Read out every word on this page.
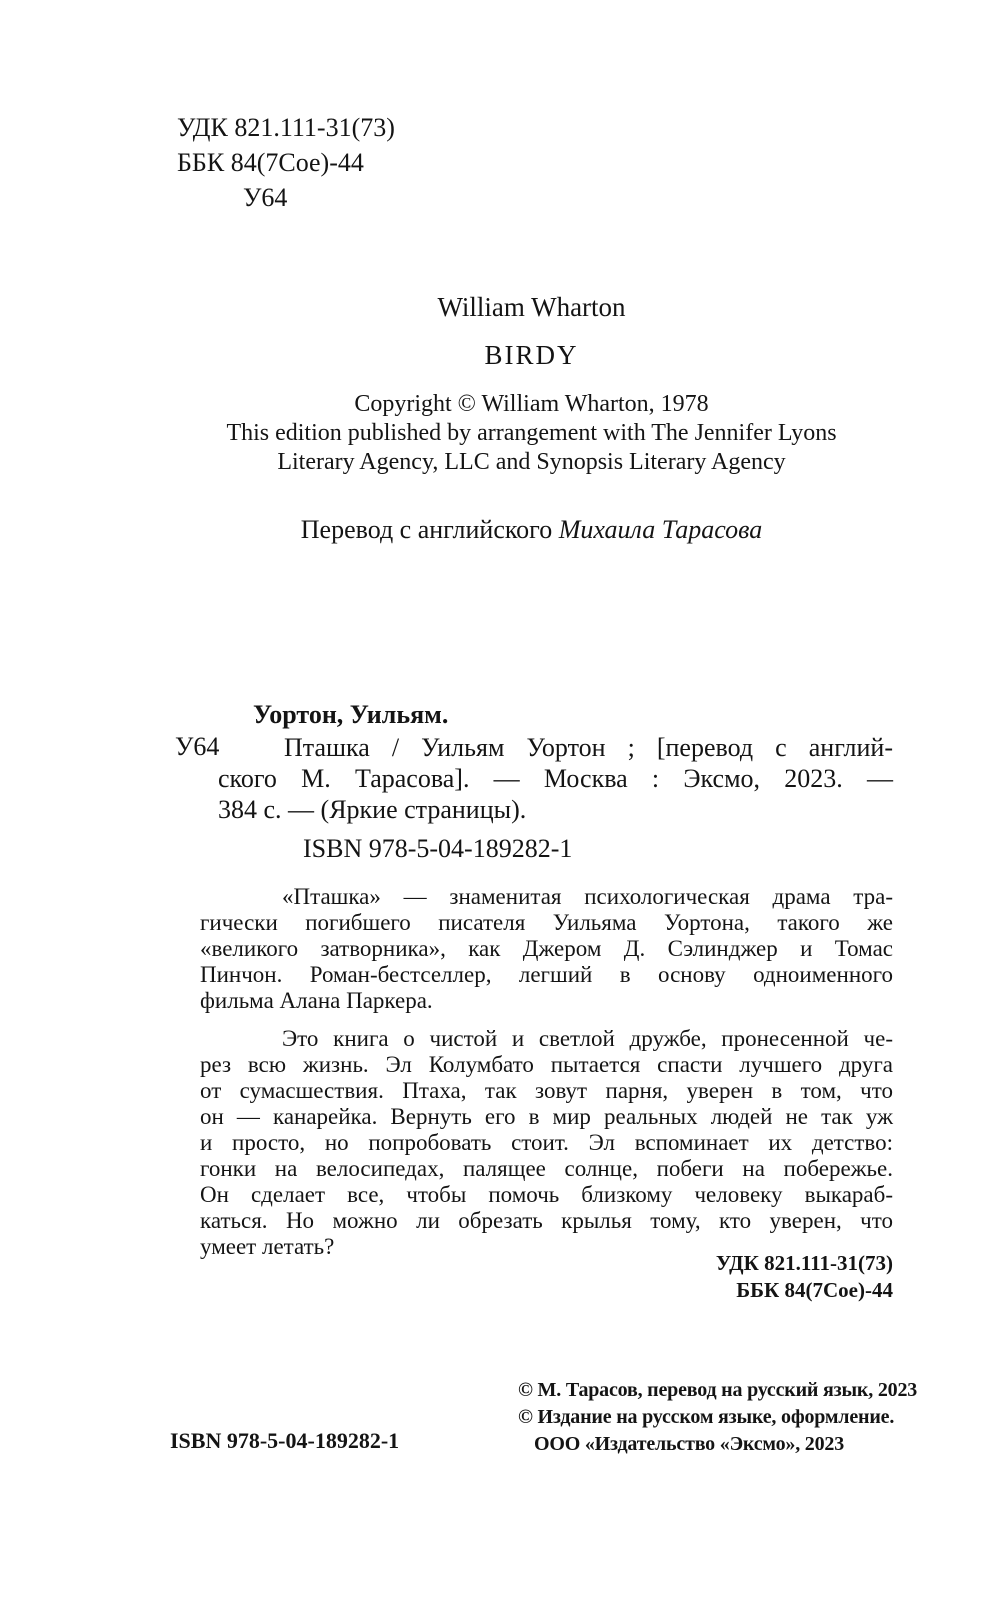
УДК 821.111-31(73)
ББК 84(7Сое)-44
У64
William Wharton
BIRDY
Copyright © William Wharton, 1978
This edition published by arrangement with The Jennifer Lyons
Literary Agency, LLC and Synopsis Literary Agency
Перевод с английского Михаила Тарасова
Уортон, Уильям.
У64	Пташка / Уильям Уортон ; [перевод с англий-
ского М. Тарасова]. — Москва : Эксмо, 2023. —
384 с. — (Яркие страницы).
ISBN 978-5-04-189282-1
«Пташка» — знаменитая психологическая драма тра-
гически погибшего писателя Уильяма Уортона, такого же
«великого затворника», как Джером Д. Сэлинджер и Томас
Пинчон. Роман-бестселлер, легший в основу одноименного
фильма Алана Паркера.
Это книга о чистой и светлой дружбе, пронесенной че-
рез всю жизнь. Эл Колумбато пытается спасти лучшего друга
от сумасшествия. Птаха, так зовут парня, уверен в том, что
он — канарейка. Вернуть его в мир реальных людей не так уж
и просто, но попробовать стоит. Эл вспоминает их детство:
гонки на велосипедах, палящее солнце, побеги на побережье.
Он сделает все, чтобы помочь близкому человеку выкараб-
каться. Но можно ли обрезать крылья тому, кто уверен, что
умеет летать?
УДК 821.111-31(73)
ББК 84(7Сое)-44
ISBN 978-5-04-189282-1
© М. Тарасов, перевод на русский язык, 2023
© Издание на русском языке, оформление.
ООО «Издательство «Эксмо», 2023
